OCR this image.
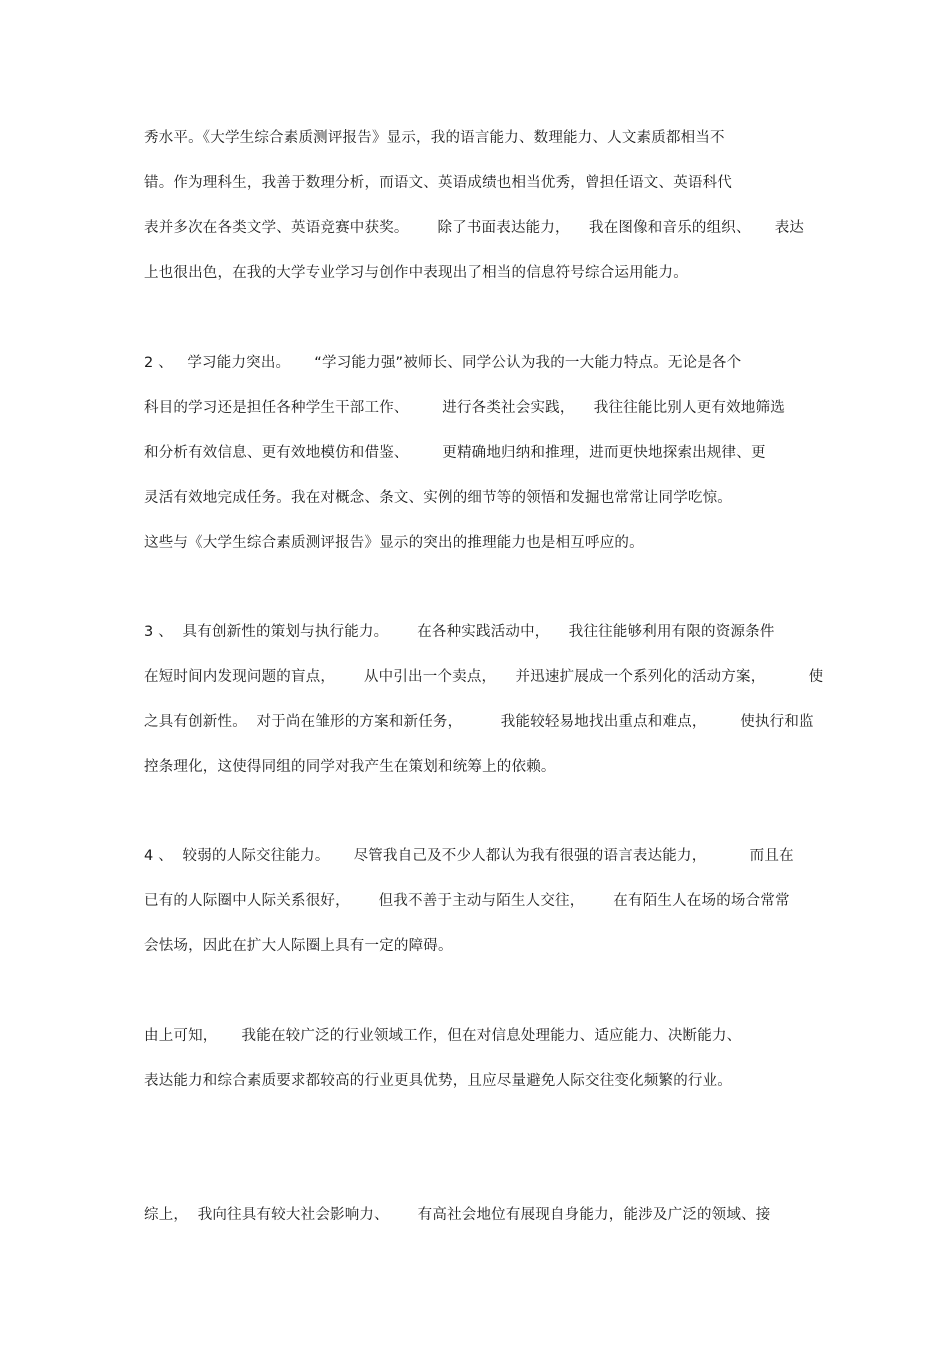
秀水平。《大学生综合素质测评报告》显示，我的语言能力、数理能力、人文素质都相当不
错。作为理科生，我善于数理分析，而语文、英语成绩也相当优秀，曾担任语文、英语科代
表并多次在各类文学、英语竞赛中获奖。      除了书面表达能力，    我在图像和音乐的组织、     表达
上也很出色，在我的大学专业学习与创作中表现出了相当的信息符号综合运用能力。
2 、   学习能力突出。     “学习能力强”被师长、同学公认为我的一大能力特点。无论是各个
科目的学习还是担任各种学生干部工作、       进行各类社会实践，    我往往能比别人更有效地筛选
和分析有效信息、更有效地模仿和借鉴、       更精确地归纳和推理，进而更快地探索出规律、更
灵活有效地完成任务。我在对概念、条文、实例的细节等的领悟和发掘也常常让同学吃惊。
这些与《大学生综合素质测评报告》显示的突出的推理能力也是相互呼应的。
3 、  具有创新性的策划与执行能力。      在各种实践活动中，    我往往能够利用有限的资源条件
在短时间内发现问题的盲点，      从中引出一个卖点，    并迅速扩展成一个系列化的活动方案，         使
之具有创新性。  对于尚在雏形的方案和新任务，        我能较轻易地找出重点和难点，       使执行和监
控条理化，这使得同组的同学对我产生在策划和统筹上的依赖。
4 、  较弱的人际交往能力。     尽管我自己及不少人都认为我有很强的语言表达能力，         而且在
已有的人际圈中人际关系很好，      但我不善于主动与陌生人交往，      在有陌生人在场的场合常常
会怯场，因此在扩大人际圈上具有一定的障碍。
由上可知，     我能在较广泛的行业领域工作，但在对信息处理能力、适应能力、决断能力、
表达能力和综合素质要求都较高的行业更具优势，且应尽量避免人际交往变化频繁的行业。
综上，  我向往具有较大社会影响力、      有高社会地位有展现自身能力，能涉及广泛的领域、接
